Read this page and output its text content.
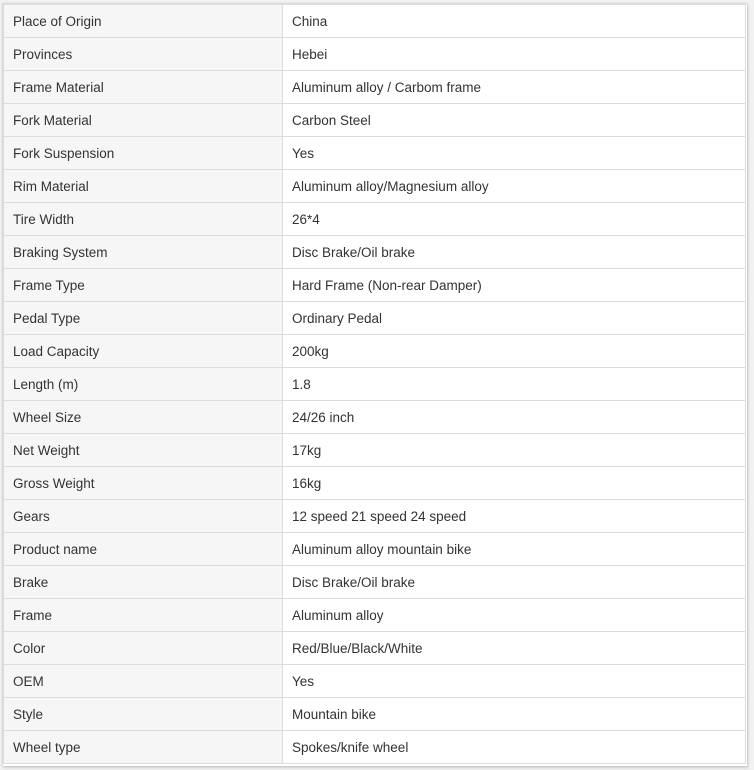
Place of Origin	China
Provinces	Hebei
Frame Material	Aluminum alloy / Carbom frame
Fork Material	Carbon Steel
Fork Suspension	Yes
Rim Material	Aluminum alloy/Magnesium alloy
Tire Width	26*4
Braking System	Disc Brake/Oil brake
Frame Type	Hard Frame (Non-rear Damper)
Pedal Type	Ordinary Pedal
Load Capacity	200kg
Length (m)	1.8
Wheel Size	24/26 inch
Net Weight	17kg
Gross Weight	16kg
Gears	12 speed 21 speed 24 speed
Product name	Aluminum alloy mountain bike
Brake	Disc Brake/Oil brake
Frame	Aluminum alloy
Color	Red/Blue/Black/White
OEM	Yes
Style	Mountain bike
Wheel type	Spokes/knife wheel
